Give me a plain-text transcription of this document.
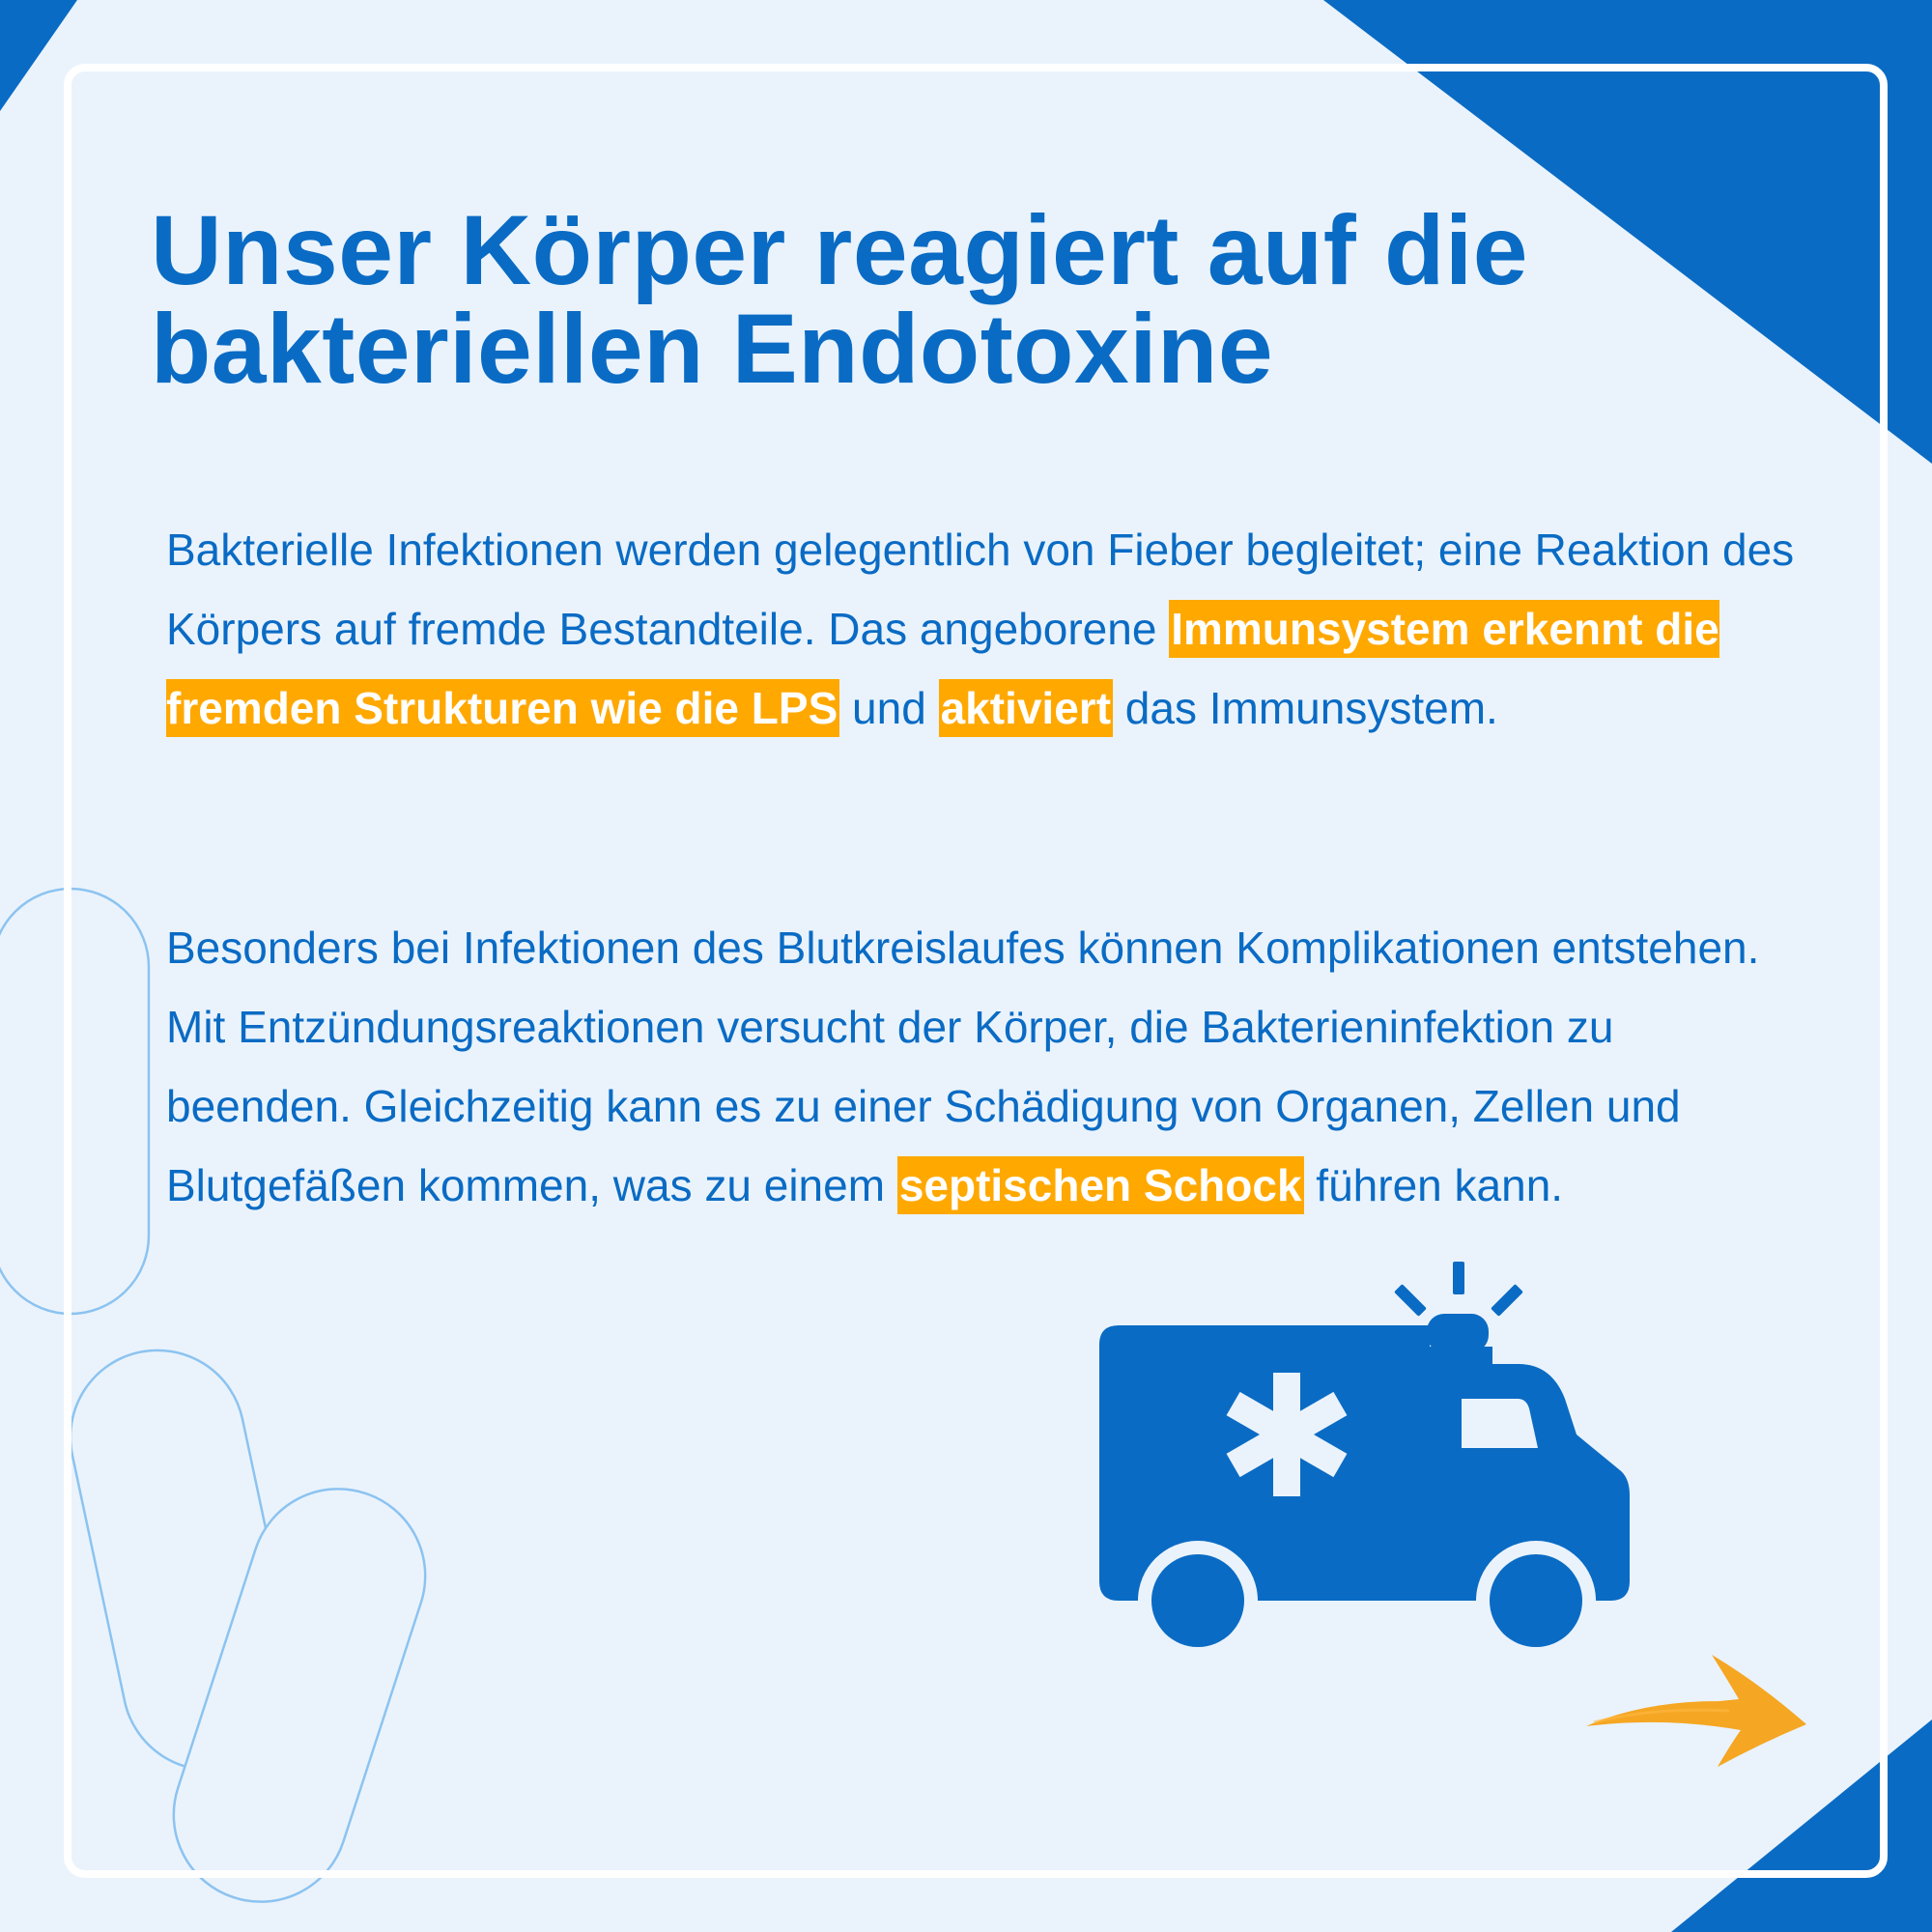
Unser Körper reagiert auf die
bakteriellen Endotoxine

Bakterielle Infektionen werden gelegentlich von Fieber begleitet; eine Reaktion des Körpers auf fremde Bestandteile. Das angeborene Immunsystem erkennt die fremden Strukturen wie die LPS und aktiviert das Immunsystem.

Besonders bei Infektionen des Blutkreislaufes können Komplikationen entstehen. Mit Entzündungsreaktionen versucht der Körper, die Bakterieninfektion zu beenden. Gleichzeitig kann es zu einer Schädigung von Organen, Zellen und Blutgefäßen kommen, was zu einem septischen Schock führen kann.
